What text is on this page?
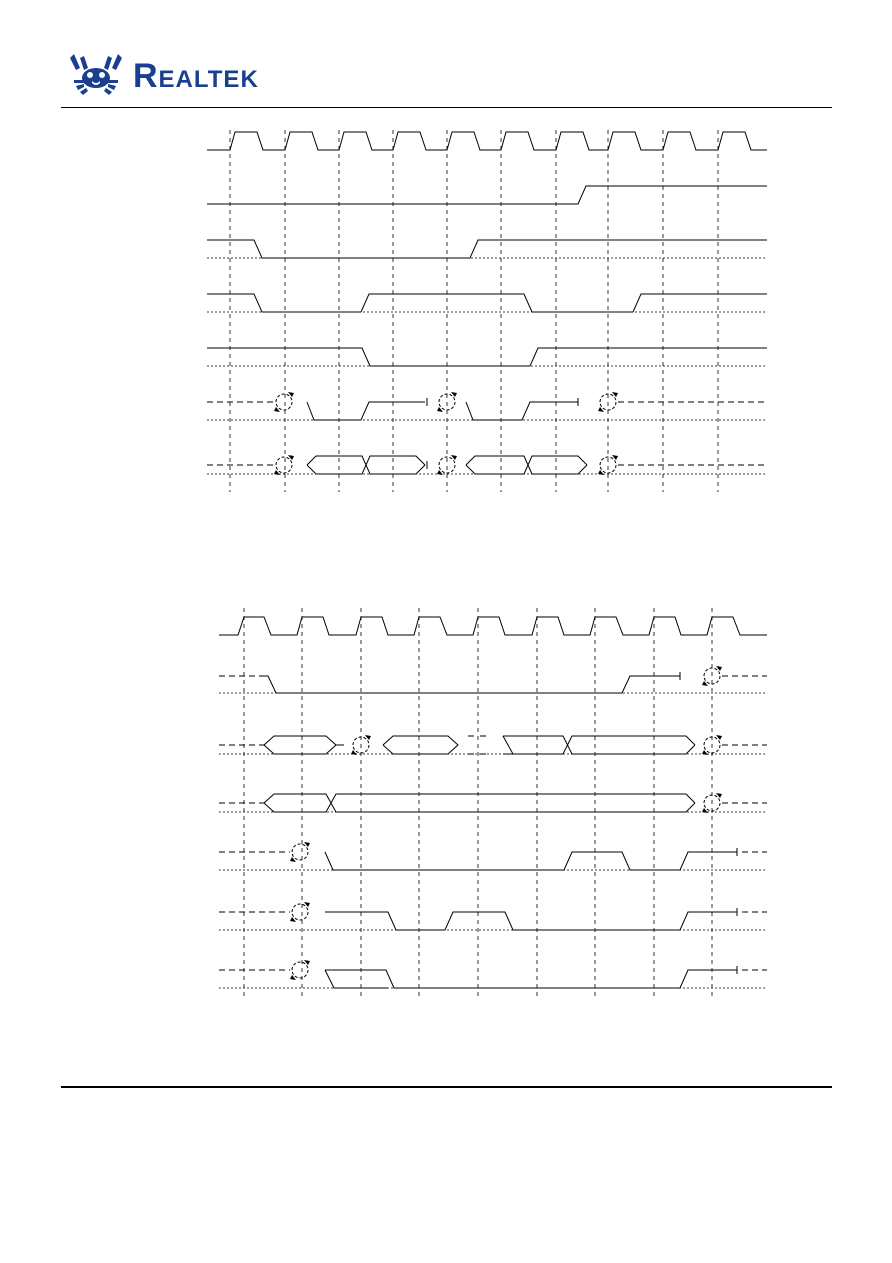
Realtek
